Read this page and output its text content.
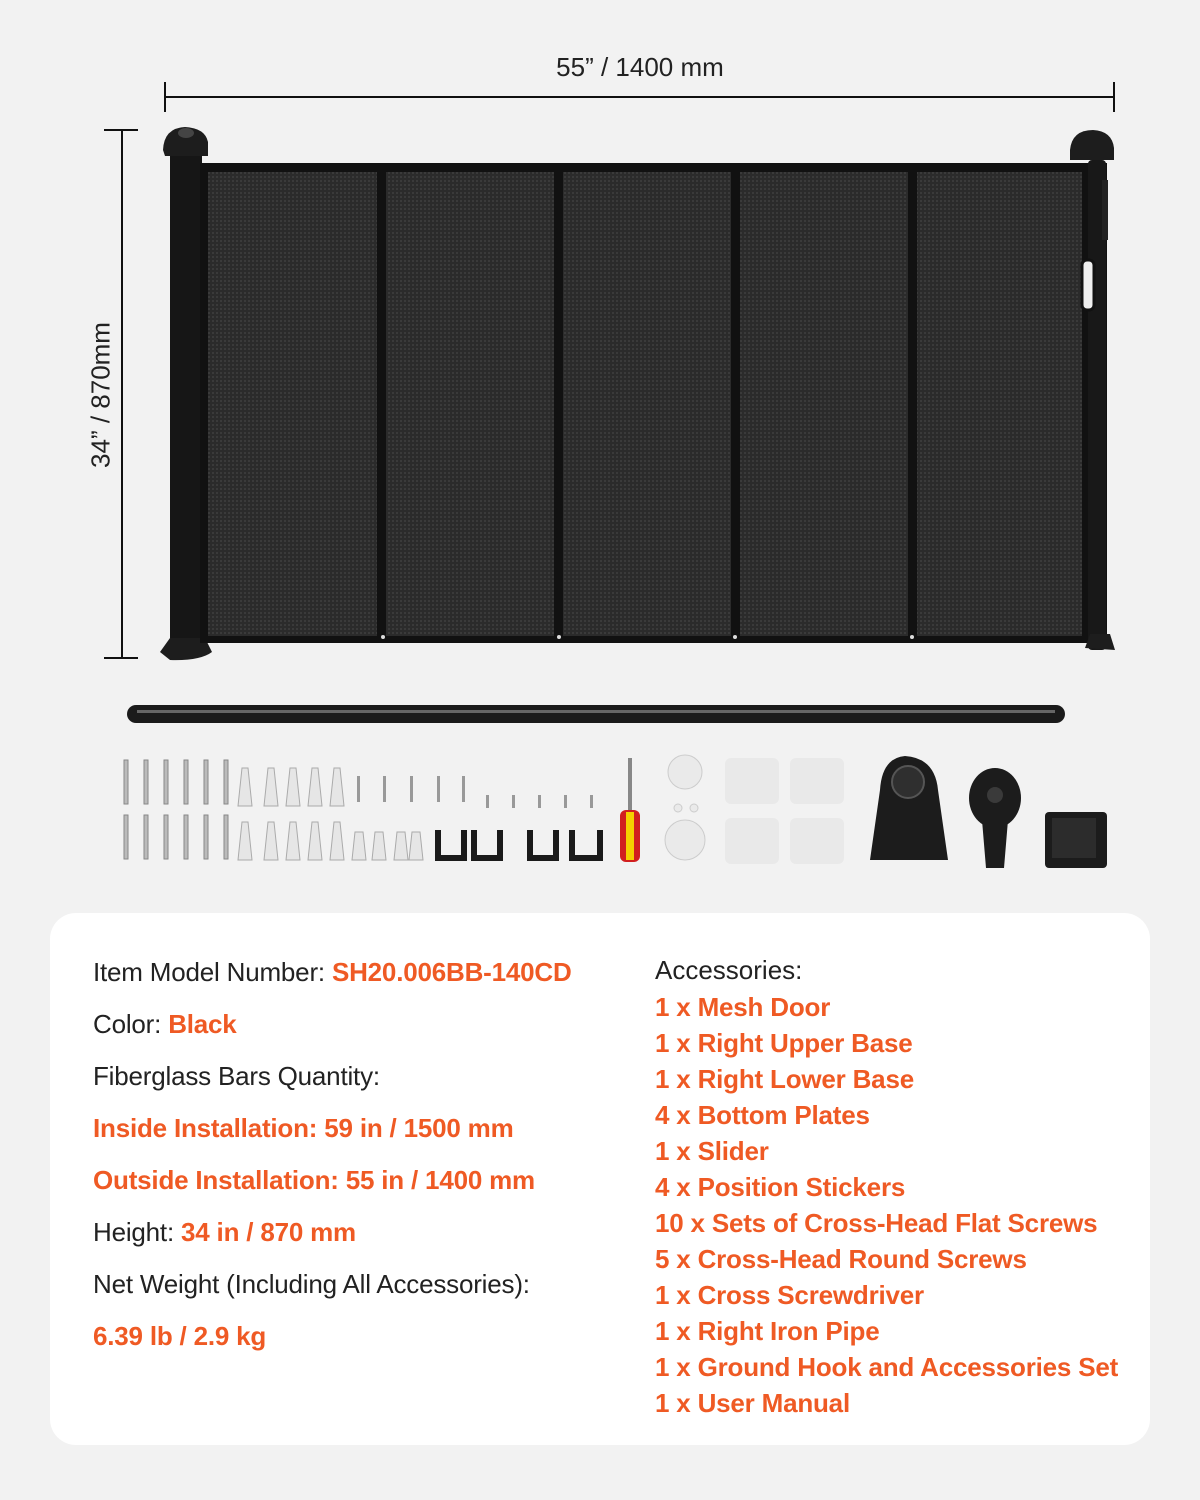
55” / 1400 mm
34” / 870mm
Item Model Number: SH20.006BB-140CD
Color: Black
Fiberglass Bars Quantity:
Inside Installation: 59 in / 1500 mm
Outside Installation: 55 in / 1400 mm
Height: 34 in / 870 mm
Net Weight (Including All Accessories):
6.39 lb / 2.9 kg
Accessories:
1 x Mesh Door
1 x Right Upper Base
1 x Right Lower Base
4 x Bottom Plates
1 x Slider
4 x Position Stickers
10 x Sets of Cross-Head Flat Screws
5 x Cross-Head Round Screws
1 x Cross Screwdriver
1 x Right Iron Pipe
1 x Ground Hook and Accessories Set
1 x User Manual
